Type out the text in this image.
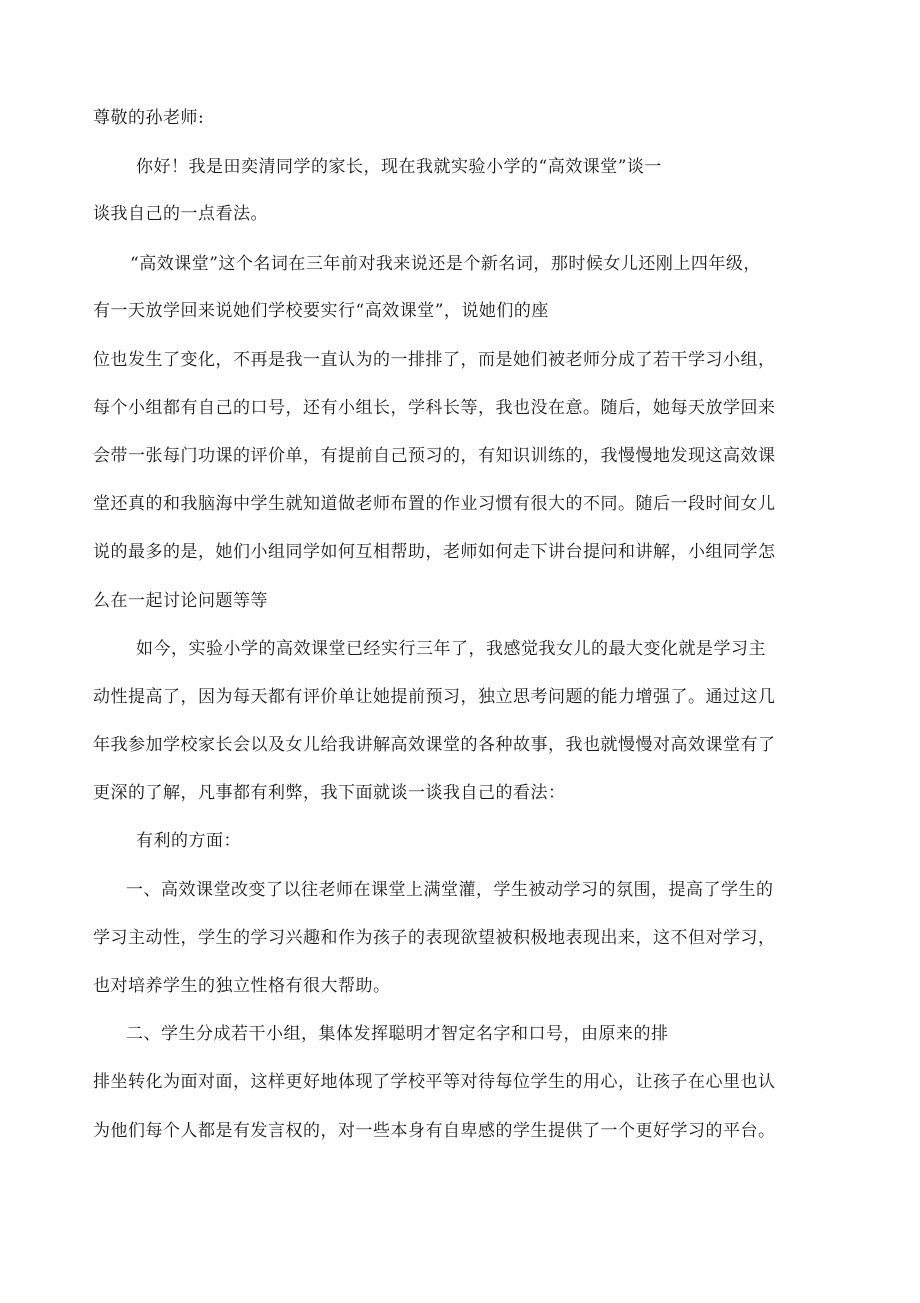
尊敬的孙老师:
你好！我是田奕清同学的家长，现在我就实验小学的“高效课堂”谈一
谈我自己的一点看法。
“高效课堂”这个名词在三年前对我来说还是个新名词，那时候女儿还刚上四年级，
有一天放学回来说她们学校要实行“高效课堂”，说她们的座
位也发生了变化，不再是我一直认为的一排排了，而是她们被老师分成了若干学习小组，
每个小组都有自己的口号，还有小组长，学科长等，我也没在意。随后，她每天放学回来
会带一张每门功课的评价单，有提前自己预习的，有知识训练的，我慢慢地发现这高效课
堂还真的和我脑海中学生就知道做老师布置的作业习惯有很大的不同。随后一段时间女儿
说的最多的是，她们小组同学如何互相帮助，老师如何走下讲台提问和讲解，小组同学怎
么在一起讨论问题等等
如今，实验小学的高效课堂已经实行三年了，我感觉我女儿的最大变化就是学习主
动性提高了，因为每天都有评价单让她提前预习，独立思考问题的能力增强了。通过这几
年我参加学校家长会以及女儿给我讲解高效课堂的各种故事，我也就慢慢对高效课堂有了
更深的了解，凡事都有利弊，我下面就谈一谈我自己的看法：
有利的方面：
一、高效课堂改变了以往老师在课堂上满堂灌，学生被动学习的氛围，提高了学生的
学习主动性，学生的学习兴趣和作为孩子的表现欲望被积极地表现出来，这不但对学习，
也对培养学生的独立性格有很大帮助。
二、学生分成若干小组，集体发挥聪明才智定名字和口号，由原来的排
排坐转化为面对面，这样更好地体现了学校平等对待每位学生的用心，让孩子在心里也认
为他们每个人都是有发言权的，对一些本身有自卑感的学生提供了一个更好学习的平台。
